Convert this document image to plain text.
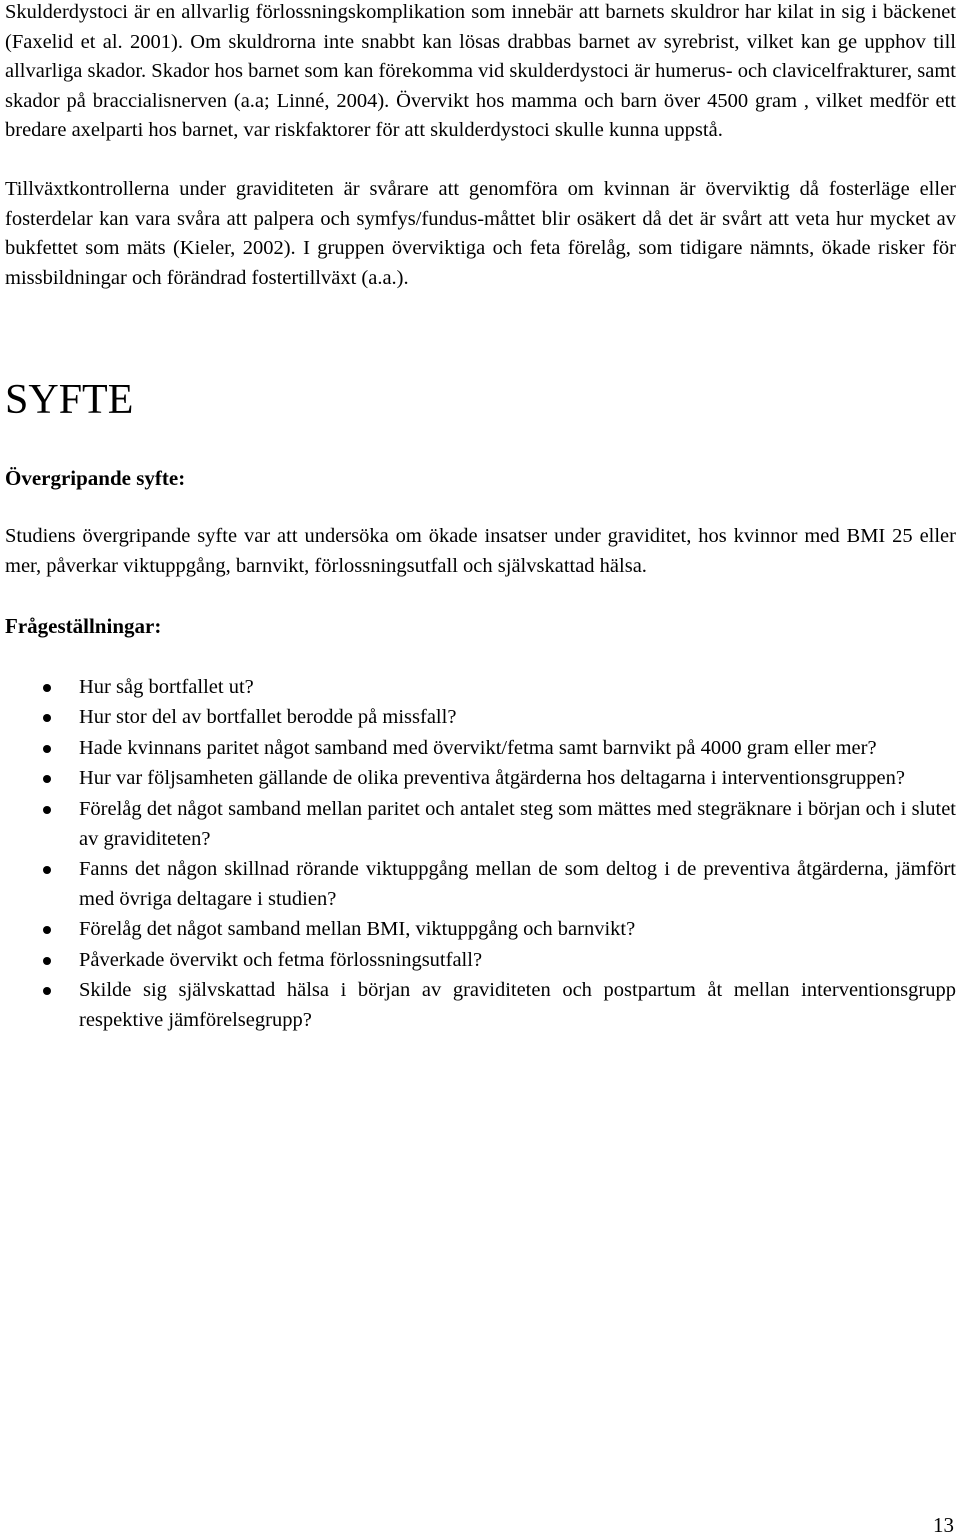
Skulderdystoci är en allvarlig förlossningskomplikation som innebär att barnets skuldror har kilat in sig i bäckenet (Faxelid et al. 2001). Om skuldrorna inte snabbt kan lösas drabbas barnet av syrebrist, vilket kan ge upphov till allvarliga skador. Skador hos barnet som kan förekomma vid skulderdystoci är humerus- och clavicelfrakturer, samt skador på braccialisnerven (a.a; Linné, 2004). Övervikt hos mamma och barn över 4500 gram , vilket medför ett bredare axelparti hos barnet, var riskfaktorer för att skulderdystoci skulle kunna uppstå.

Tillväxtkontrollerna under graviditeten är svårare att genomföra om kvinnan är överviktig då fosterläge eller fosterdelar kan vara svåra att palpera och symfys/fundus-måttet blir osäkert då det är svårt att veta hur mycket av bukfettet som mäts (Kieler, 2002). I gruppen överviktiga och feta förelåg, som tidigare nämnts, ökade risker för missbildningar och förändrad fostertillväxt (a.a.).

SYFTE
Övergripande syfte:

Studiens övergripande syfte var att undersöka om ökade insatser under graviditet, hos kvinnor med BMI 25 eller mer, påverkar viktuppgång, barnvikt, förlossningsutfall och självskattad hälsa.

Frågeställningar:
Hur såg bortfallet ut?
Hur stor del av bortfallet berodde på missfall?
Hade kvinnans paritet något samband med övervikt/fetma samt barnvikt på 4000 gram eller mer?
Hur var följsamheten gällande de olika preventiva åtgärderna hos deltagarna i interventionsgruppen?
Förelåg det något samband mellan paritet och antalet steg som mättes med stegräknare i början och i slutet av graviditeten?
Fanns det någon skillnad rörande viktuppgång mellan de som deltog i de preventiva åtgärderna, jämfört med övriga deltagare i studien?
Förelåg det något samband mellan BMI, viktuppgång och barnvikt?
Påverkade övervikt och fetma förlossningsutfall?
Skilde sig självskattad hälsa i början av graviditeten och postpartum åt mellan interventionsgrupp respektive jämförelsegrupp?
13
